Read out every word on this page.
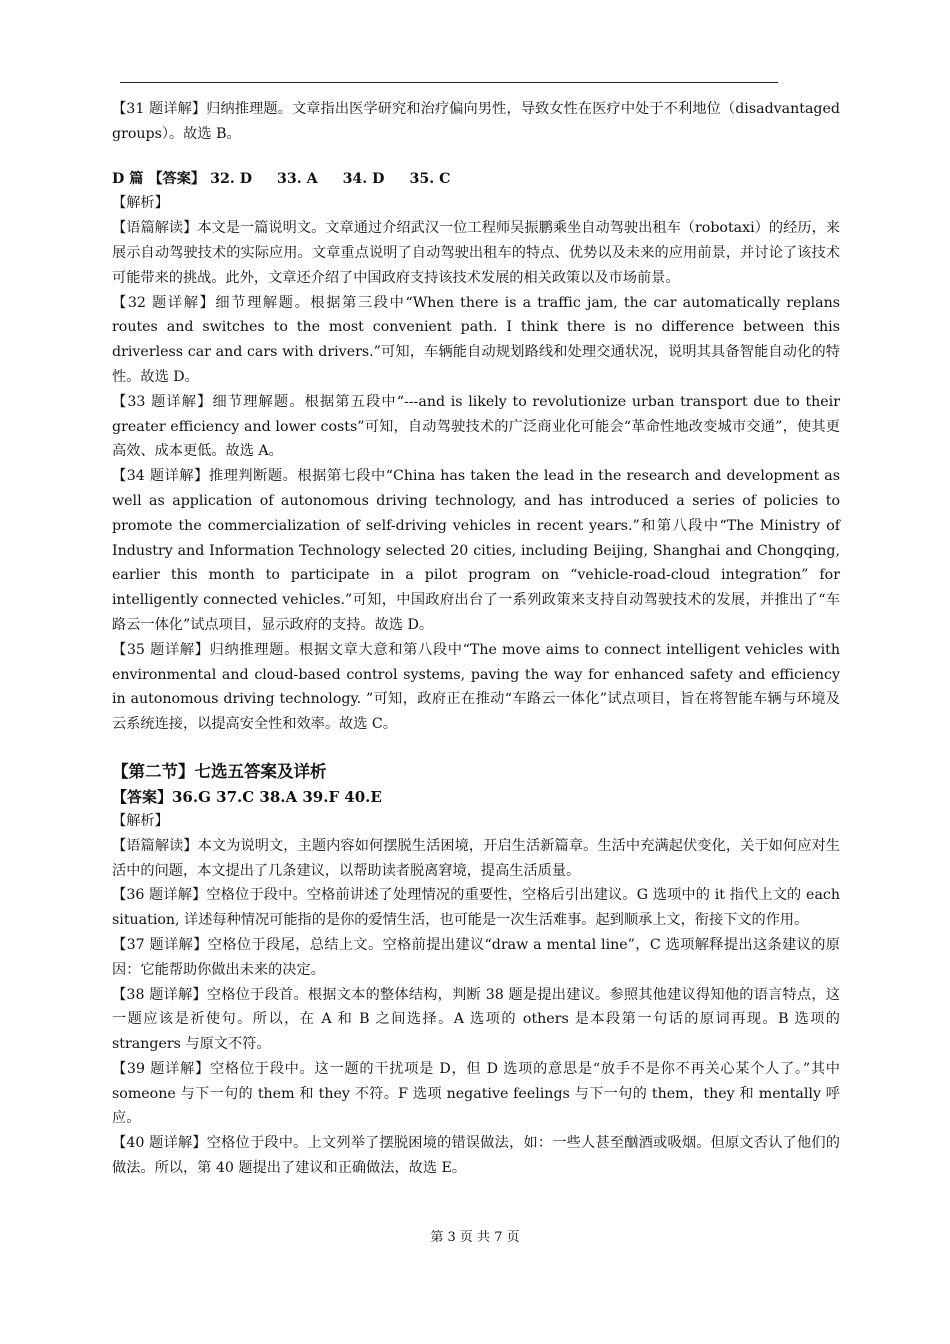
【31 题详解】归纳推理题。文章指出医学研究和治疗偏向男性，导致女性在医疗中处于不利地位（disadvantaged groups）。故选 B。

D 篇 【答案】 32. D 33. A 34. D 35. C

【解析】

【语篇解读】本文是一篇说明文。文章通过介绍武汉一位工程师吴振鹏乘坐自动驾驶出租车（robotaxi）的经历，来展示自动驾驶技术的实际应用。文章重点说明了自动驾驶出租车的特点、优势以及未来的应用前景，并讨论了该技术可能带来的挑战。此外，文章还介绍了中国政府支持该技术发展的相关政策以及市场前景。

【32 题详解】细节理解题。根据第三段中“When there is a traffic jam, the car automatically replans routes and switches to the most convenient path. I think there is no difference between this driverless car and cars with drivers.”可知，车辆能自动规划路线和处理交通状况，说明其具备智能自动化的特性。故选 D。

【33 题详解】细节理解题。根据第五段中“---and is likely to revolutionize urban transport due to their greater efficiency and lower costs”可知，自动驾驶技术的广泛商业化可能会“革命性地改变城市交通”，使其更高效、成本更低。故选 A。

【34 题详解】推理判断题。根据第七段中“China has taken the lead in the research and development as well as application of autonomous driving technology, and has introduced a series of policies to promote the commercialization of self-driving vehicles in recent years.”和第八段中“The Ministry of Industry and Information Technology selected 20 cities, including Beijing, Shanghai and Chongqing, earlier this month to participate in a pilot program on “vehicle-road-cloud integration” for intelligently connected vehicles.”可知，中国政府出台了一系列政策来支持自动驾驶技术的发展，并推出了“车路云一体化”试点项目，显示政府的支持。故选 D。

【35 题详解】归纳推理题。根据文章大意和第八段中“The move aims to connect intelligent vehicles with environmental and cloud-based control systems, paving the way for enhanced safety and efficiency in autonomous driving technology. ”可知，政府正在推动“车路云一体化”试点项目，旨在将智能车辆与环境及云系统连接，以提高安全性和效率。故选 C。

【第二节】七选五答案及详析

【答案】36.G 37.C 38.A 39.F 40.E

【解析】

【语篇解读】本文为说明文，主题内容如何摆脱生活困境，开启生活新篇章。生活中充满起伏变化，关于如何应对生活中的问题，本文提出了几条建议，以帮助读者脱离窘境，提高生活质量。

【36 题详解】空格位于段中。空格前讲述了处理情况的重要性，空格后引出建议。G 选项中的 it 指代上文的 each situation, 详述每种情况可能指的是你的爱情生活，也可能是一次生活难事。起到顺承上文，衔接下文的作用。

【37 题详解】空格位于段尾，总结上文。空格前提出建议“draw a mental line”，C 选项解释提出这条建议的原因：它能帮助你做出未来的决定。

【38 题详解】空格位于段首。根据文本的整体结构，判断 38 题是提出建议。参照其他建议得知他的语言特点，这一题应该是祈使句。所以，在 A 和 B 之间选择。A 选项的 others 是本段第一句话的原词再现。B 选项的 strangers 与原文不符。

【39 题详解】空格位于段中。这一题的干扰项是 D，但 D 选项的意思是“放手不是你不再关心某个人了。”其中 someone 与下一句的 them 和 they 不符。F 选项 negative feelings 与下一句的 them，they 和 mentally 呼应。

【40 题详解】空格位于段中。上文列举了摆脱困境的错误做法，如：一些人甚至酗酒或吸烟。但原文否认了他们的做法。所以，第 40 题提出了建议和正确做法，故选 E。

第 3 页 共 7 页
